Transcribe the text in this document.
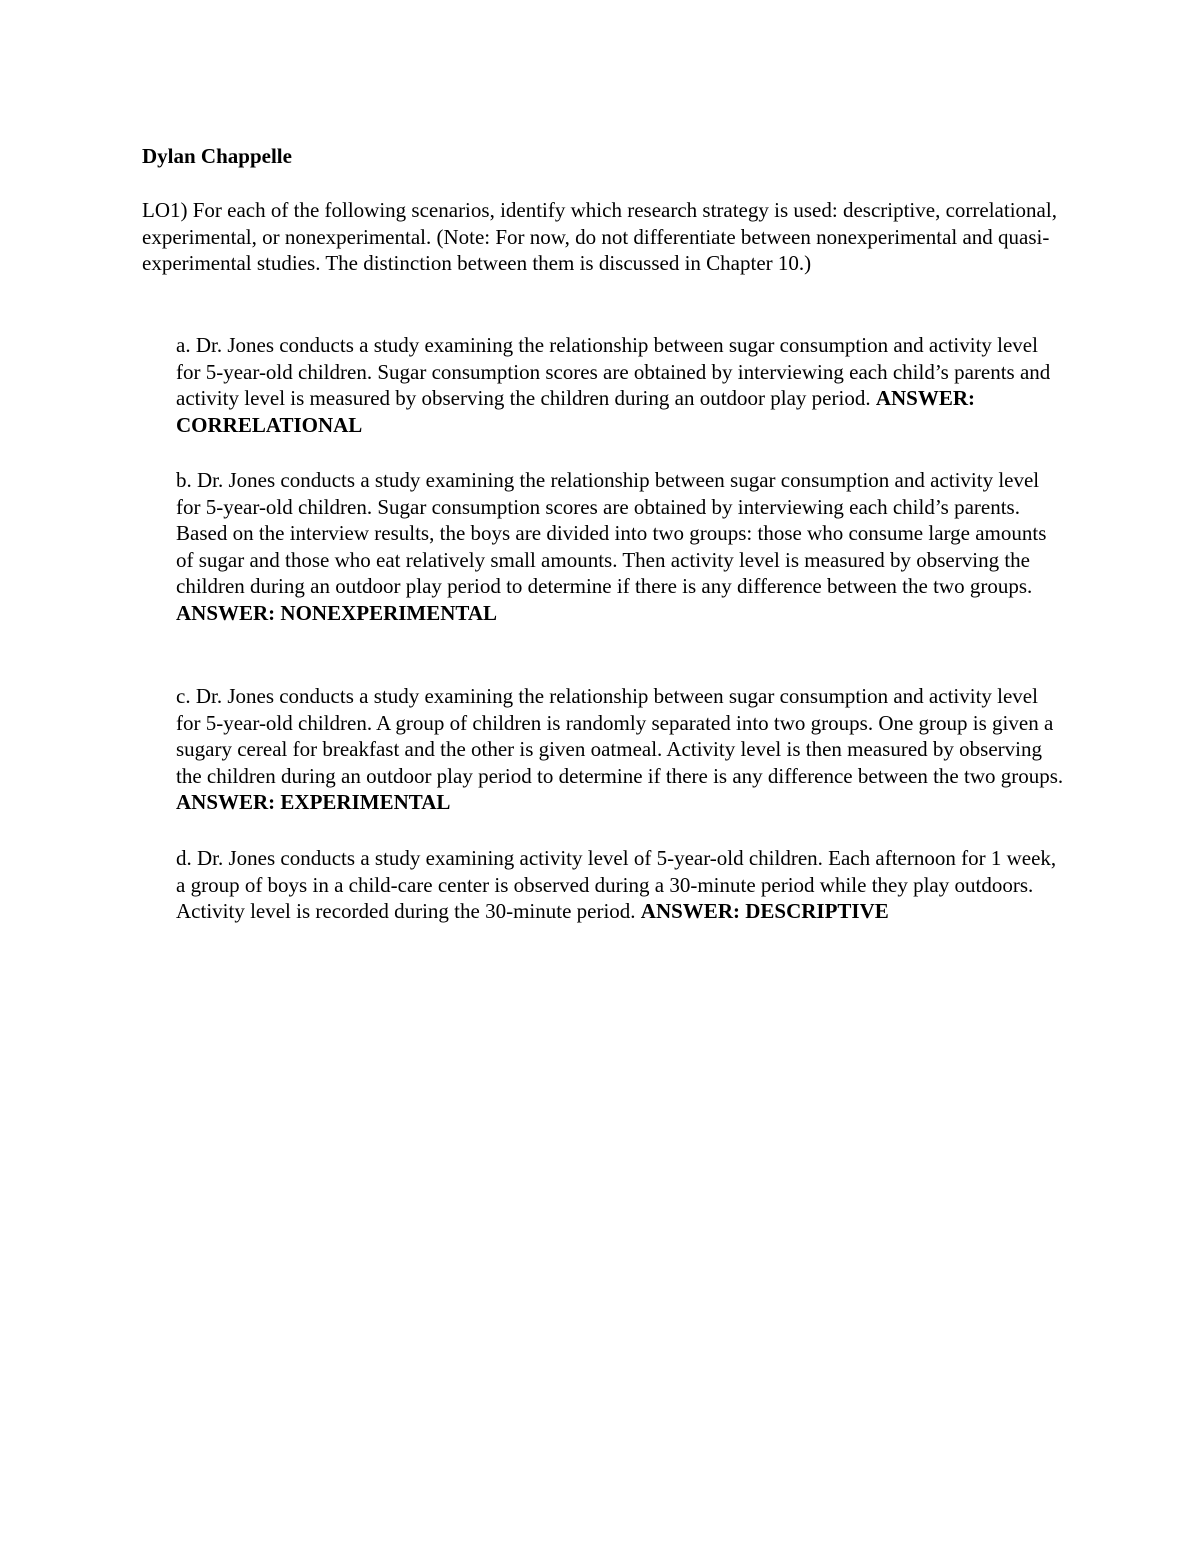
Dylan Chappelle

LO1) For each of the following scenarios, identify which research strategy is used: descriptive, correlational, experimental, or nonexperimental. (Note: For now, do not differentiate between nonexperimental and quasi-experimental studies. The distinction between them is discussed in Chapter 10.)

a. Dr. Jones conducts a study examining the relationship between sugar consumption and activity level for 5-year-old children. Sugar consumption scores are obtained by interviewing each child’s parents and activity level is measured by observing the children during an outdoor play period. ANSWER: CORRELATIONAL

b. Dr. Jones conducts a study examining the relationship between sugar consumption and activity level for 5-year-old children. Sugar consumption scores are obtained by interviewing each child’s parents. Based on the interview results, the boys are divided into two groups: those who consume large amounts of sugar and those who eat relatively small amounts. Then activity level is measured by observing the children during an outdoor play period to determine if there is any difference between the two groups. ANSWER: NONEXPERIMENTAL

c. Dr. Jones conducts a study examining the relationship between sugar consumption and activity level for 5-year-old children. A group of children is randomly separated into two groups. One group is given a sugary cereal for breakfast and the other is given oatmeal. Activity level is then measured by observing the children during an outdoor play period to determine if there is any difference between the two groups. ANSWER: EXPERIMENTAL

d. Dr. Jones conducts a study examining activity level of 5-year-old children. Each afternoon for 1 week, a group of boys in a child-care center is observed during a 30-minute period while they play outdoors. Activity level is recorded during the 30-minute period. ANSWER: DESCRIPTIVE
